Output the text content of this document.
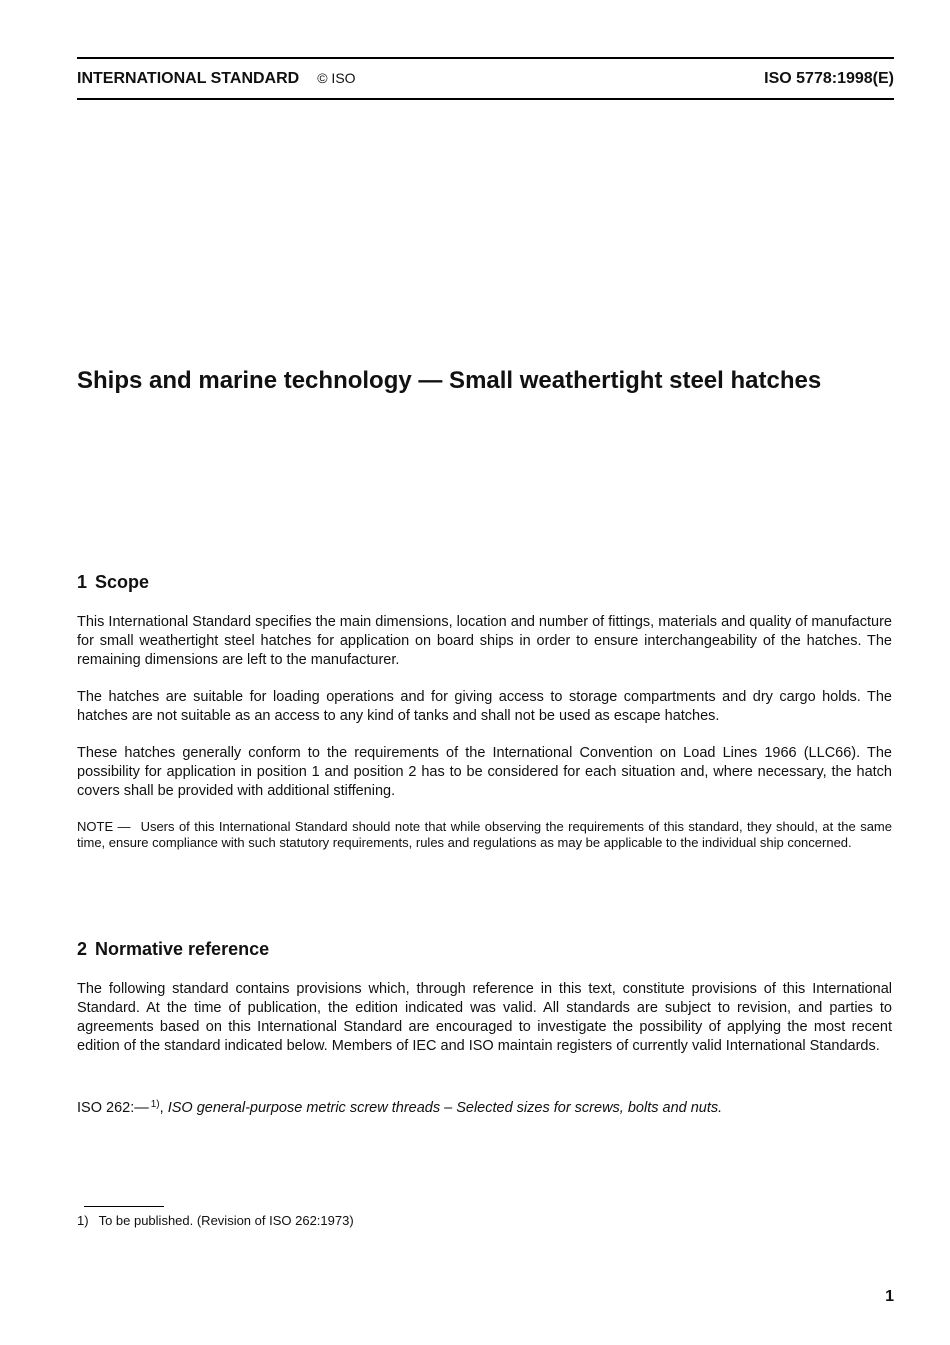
INTERNATIONAL STANDARD © ISO	ISO 5778:1998(E)
Ships and marine technology — Small weathertight steel hatches
1 Scope

This International Standard specifies the main dimensions, location and number of fittings, materials and quality of manufacture for small weathertight steel hatches for application on board ships in order to ensure interchangeability of the hatches. The remaining dimensions are left to the manufacturer.

The hatches are suitable for loading operations and for giving access to storage compartments and dry cargo holds. The hatches are not suitable as an access to any kind of tanks and shall not be used as escape hatches.

These hatches generally conform to the requirements of the International Convention on Load Lines 1966 (LLC66). The possibility for application in position 1 and position 2 has to be considered for each situation and, where necessary, the hatch covers shall be provided with additional stiffening.

NOTE — Users of this International Standard should note that while observing the requirements of this standard, they should, at the same time, ensure compliance with such statutory requirements, rules and regulations as may be applicable to the individual ship concerned.

2 Normative reference

The following standard contains provisions which, through reference in this text, constitute provisions of this International Standard. At the time of publication, the edition indicated was valid. All standards are subject to revision, and parties to agreements based on this International Standard are encouraged to investigate the possibility of applying the most recent edition of the standard indicated below. Members of IEC and ISO maintain registers of currently valid International Standards.

ISO 262:— $^{1)}$, ISO general-purpose metric screw threads – Selected sizes for screws, bolts and nuts.

1) To be published. (Revision of ISO 262:1973)

1
